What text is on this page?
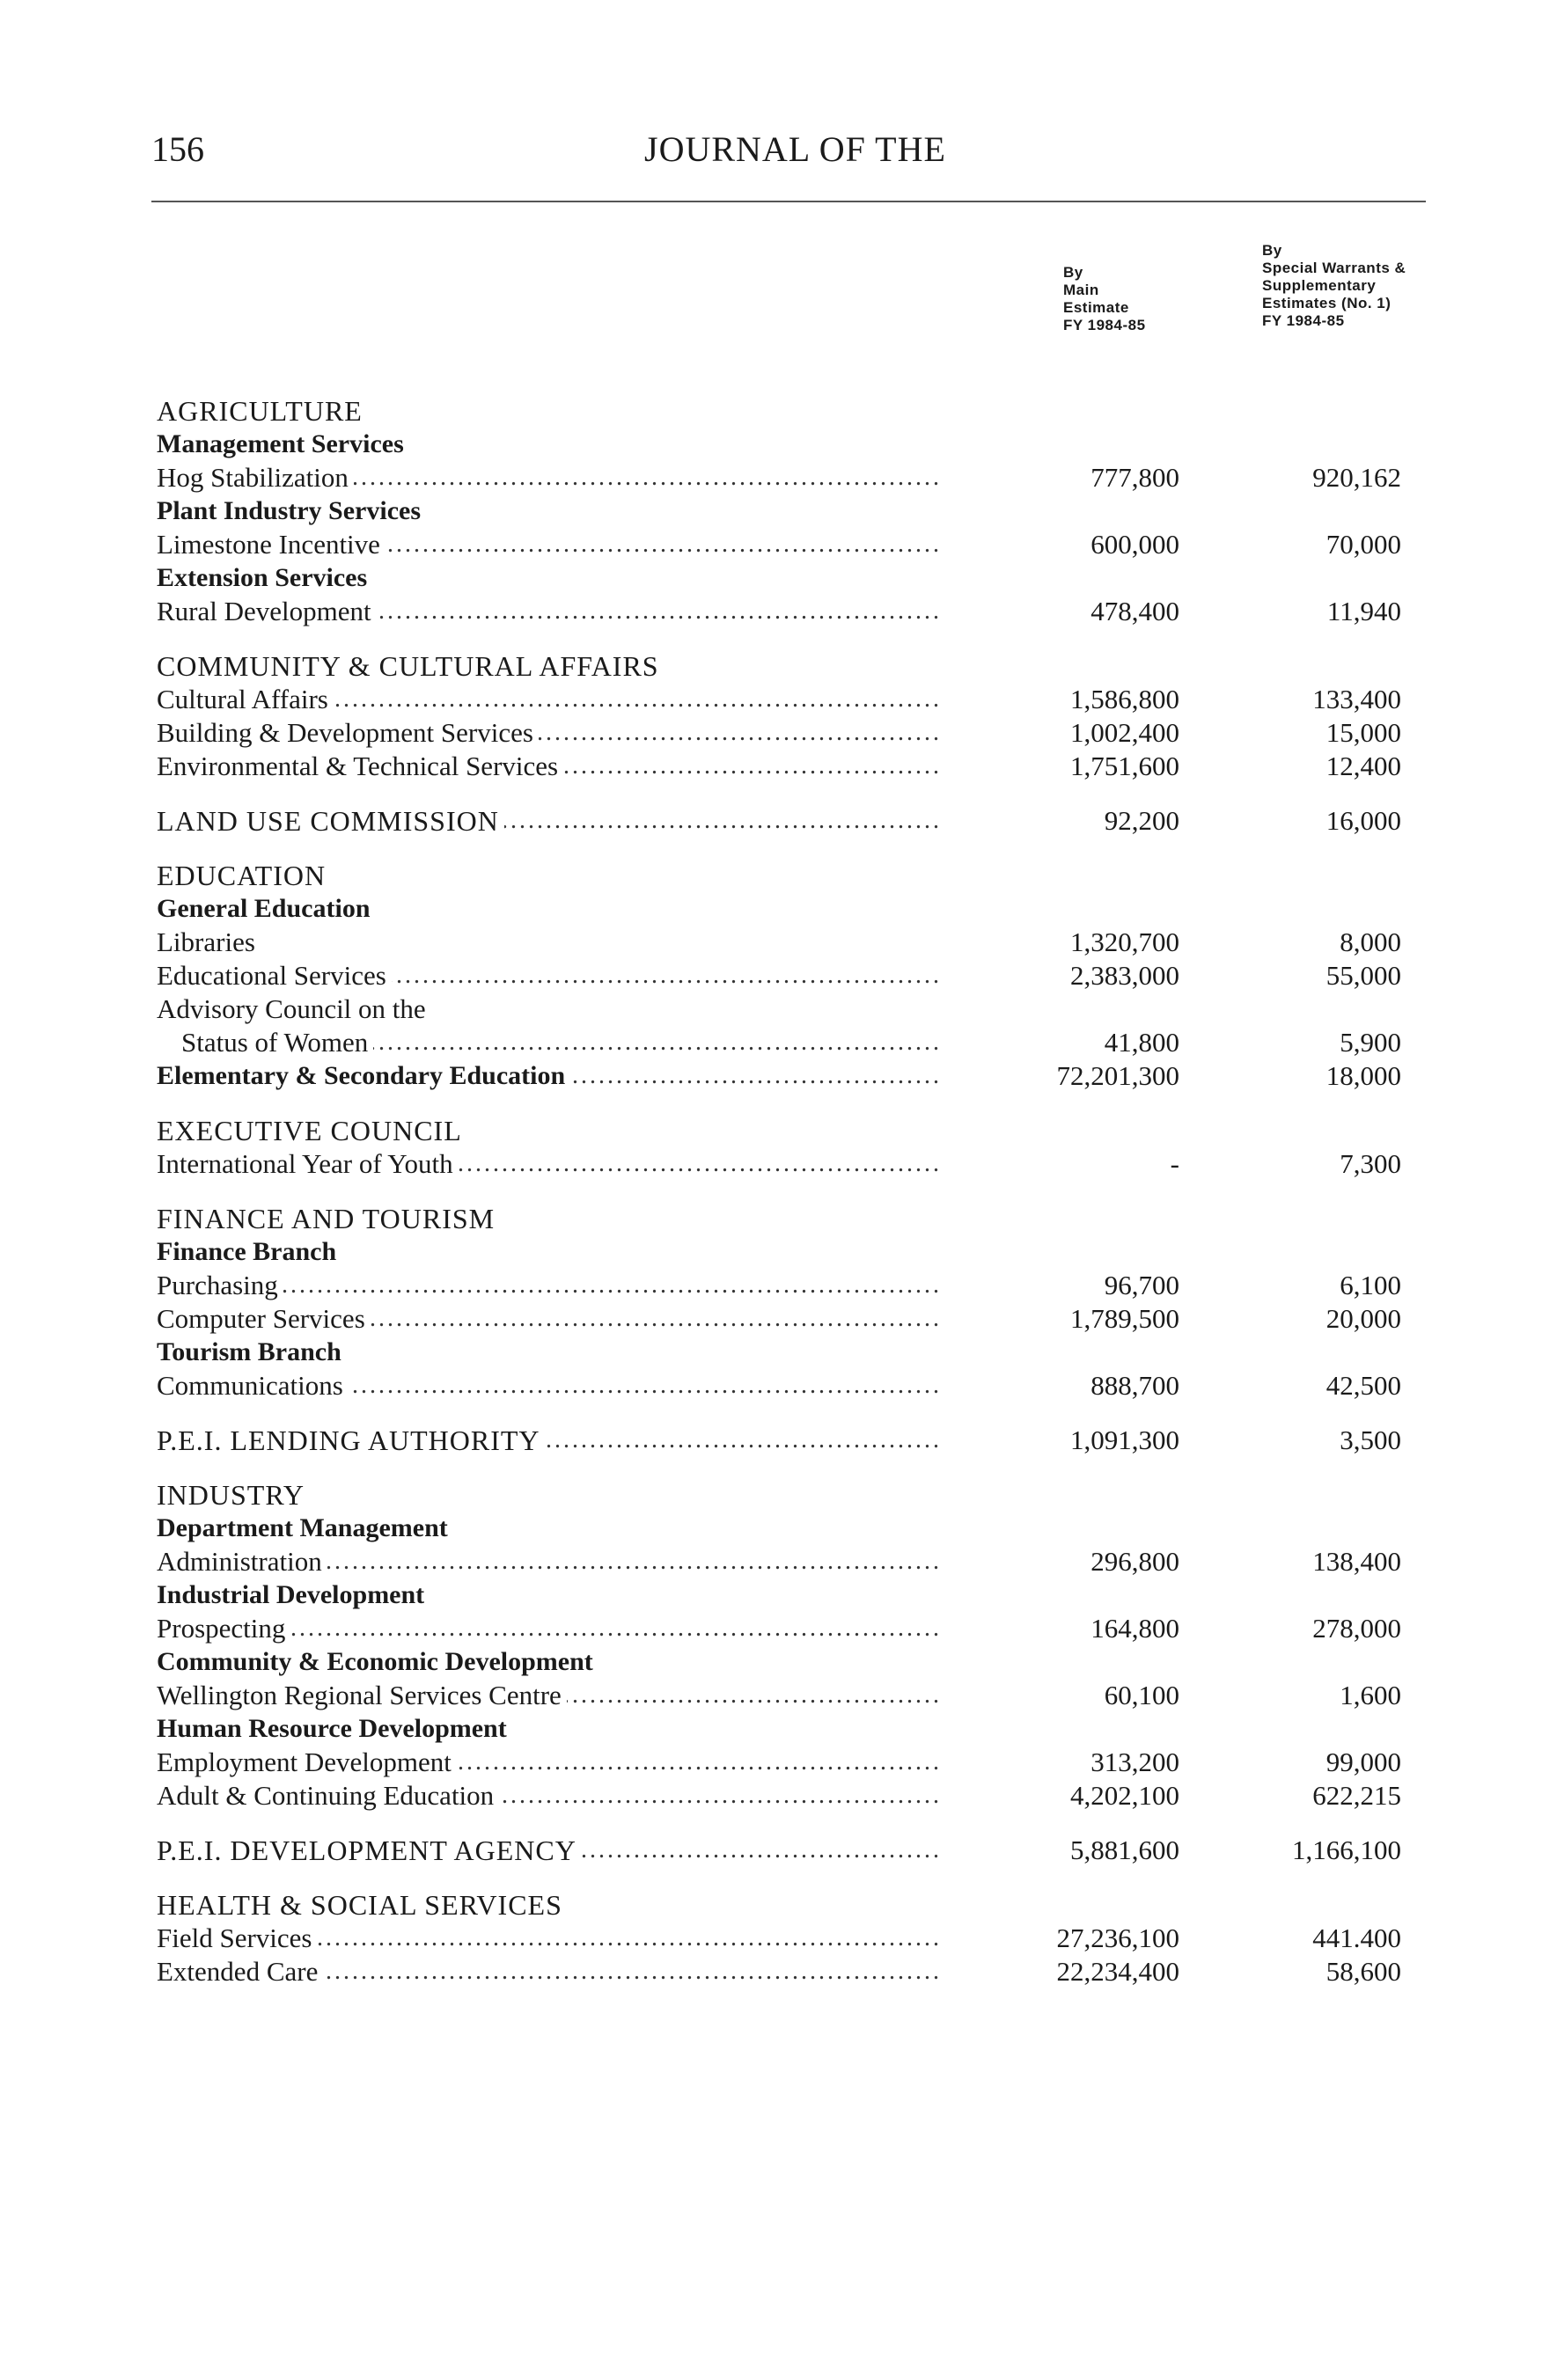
156	JOURNAL OF THE
By
Main
Estimate
FY 1984-85
By
Special Warrants &
Supplementary
Estimates (No. 1)
FY 1984-85
AGRICULTURE
Management Services
. . .
Hog Stabilization	777,800	920,162
Plant Industry Services
. . .
Limestone Incentive	600,000	70,000
Extension Services
. . .
Rural Development	478,400	11,940
COMMUNITY & CULTURAL AFFAIRS
. . .
Cultural Affairs	1,586,800	133,400
. . .
Building & Development Services	1,002,400	15,000
. . .
Environmental & Technical Services	1,751,600	12,400
. . .
LAND USE COMMISSION	92,200	16,000
EDUCATION
General Education
Libraries	1,320,700	8,000
. . .
Educational Services	2,383,000	55,000
Advisory Council on the
. . .
Status of Women	41,800	5,900
. . .
Elementary & Secondary Education	72,201,300	18,000
EXECUTIVE COUNCIL
. . .
International Year of Youth	-	7,300
FINANCE AND TOURISM
Finance Branch
. . .
Purchasing	96,700	6,100
. . .
Computer Services	1,789,500	20,000
Tourism Branch
. . .
Communications	888,700	42,500
. . .
P.E.I. LENDING AUTHORITY	1,091,300	3,500
INDUSTRY
Department Management
. . .
Administration	296,800	138,400
Industrial Development
. . .
Prospecting	164,800	278,000
Community & Economic Development
. . .
Wellington Regional Services Centre	60,100	1,600
Human Resource Development
. . .
Employment Development	313,200	99,000
. . .
Adult & Continuing Education	4,202,100	622,215
. . .
P.E.I. DEVELOPMENT AGENCY	5,881,600	1,166,100
HEALTH & SOCIAL SERVICES
. . .
Field Services	27,236,100	441.400
. . .
Extended Care	22,234,400	58,600
